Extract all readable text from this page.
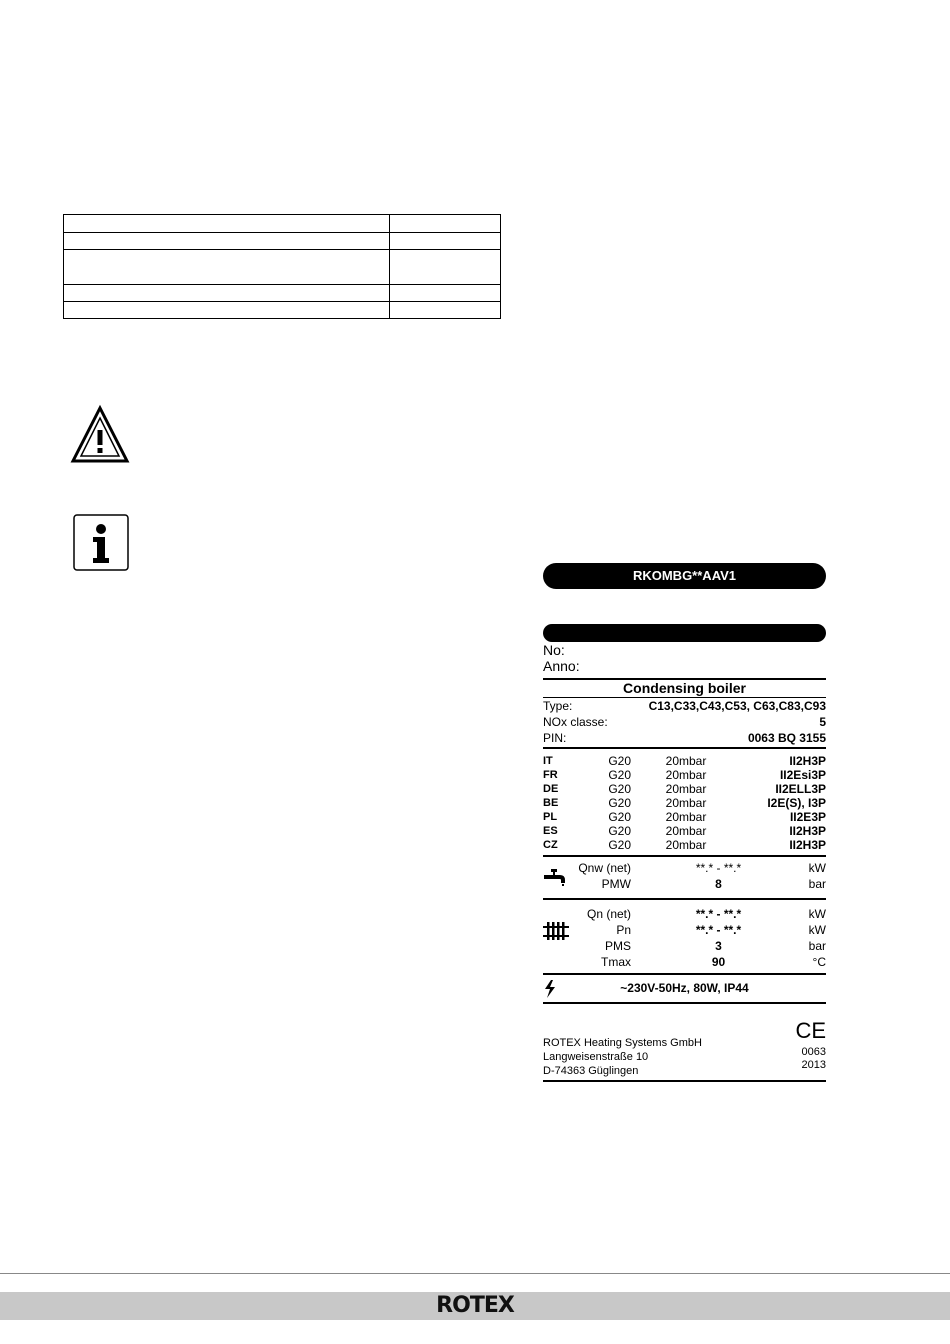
RKOMBG**AAV1
No:
Anno:
Condensing boiler
Type:	C13,C33,C43,C53, C63,C83,C93
NOx classe:	5
PIN:	0063 BQ 3155
IT	G20	20mbar	II2H3P
FR	G20	20mbar	II2Esi3P
DE	G20	20mbar	II2ELL3P
BE	G20	20mbar	I2E(S), I3P
PL	G20	20mbar	II2E3P
ES	G20	20mbar	II2H3P
CZ	G20	20mbar	II2H3P
Qnw (net)	**.* - **.*	kW
PMW	8	bar
Qn (net)	**.* - **.*	kW
Pn	**.* - **.*	kW
PMS	3	bar
Tmax	90	°C
~230V-50Hz, 80W, IP44
ROTEX Heating Systems GmbH
Langweisenstraße 10
D-74363 Güglingen
CE
0063
2013
ROTEX
